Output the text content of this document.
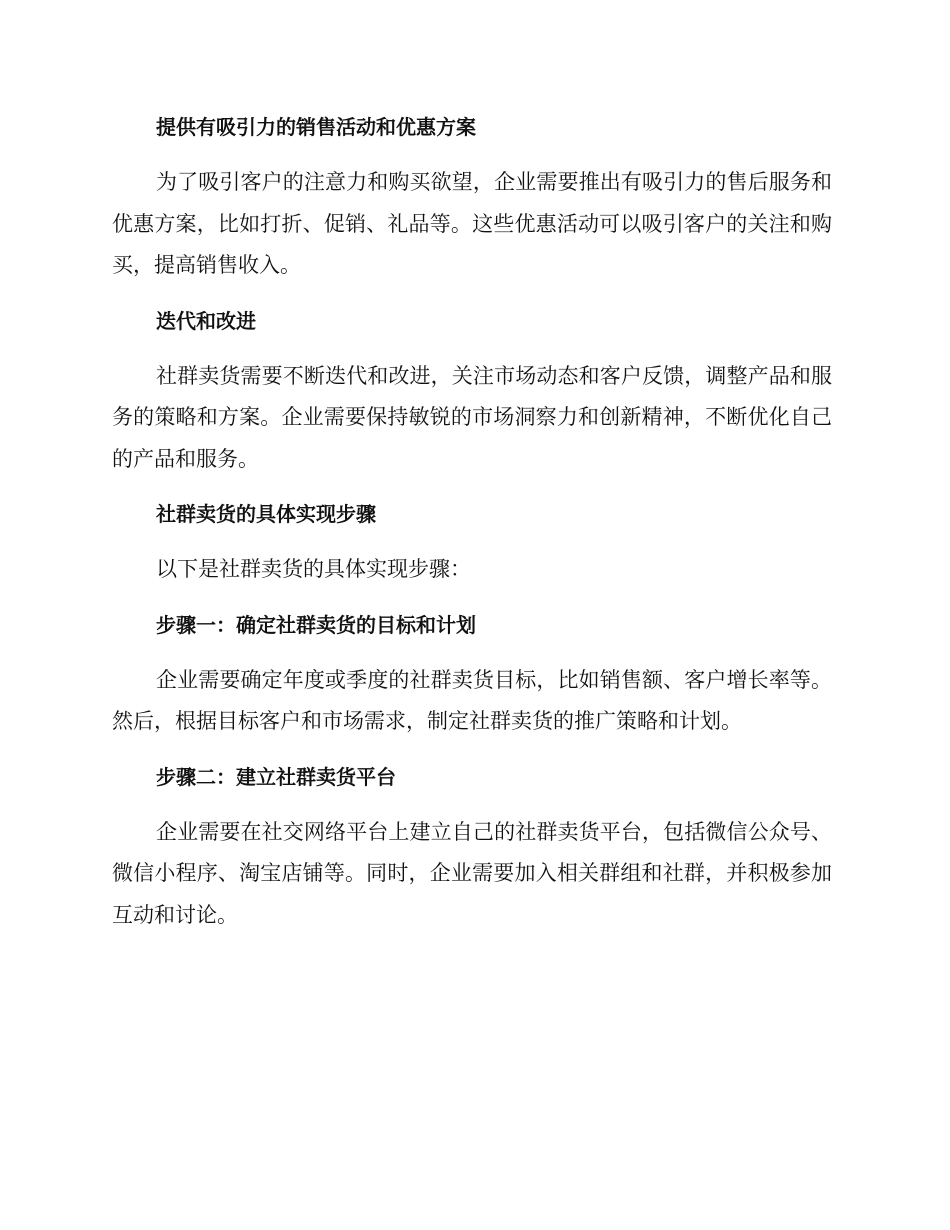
提供有吸引力的销售活动和优惠方案

为了吸引客户的注意力和购买欲望，企业需要推出有吸引力的售后服务和优惠方案，比如打折、促销、礼品等。这些优惠活动可以吸引客户的关注和购买，提高销售收入。

迭代和改进

社群卖货需要不断迭代和改进，关注市场动态和客户反馈，调整产品和服务的策略和方案。企业需要保持敏锐的市场洞察力和创新精神，不断优化自己的产品和服务。

社群卖货的具体实现步骤

以下是社群卖货的具体实现步骤：

步骤一：确定社群卖货的目标和计划

企业需要确定年度或季度的社群卖货目标，比如销售额、客户增长率等。然后，根据目标客户和市场需求，制定社群卖货的推广策略和计划。

步骤二：建立社群卖货平台

企业需要在社交网络平台上建立自己的社群卖货平台，包括微信公众号、微信小程序、淘宝店铺等。同时，企业需要加入相关群组和社群，并积极参加互动和讨论。
